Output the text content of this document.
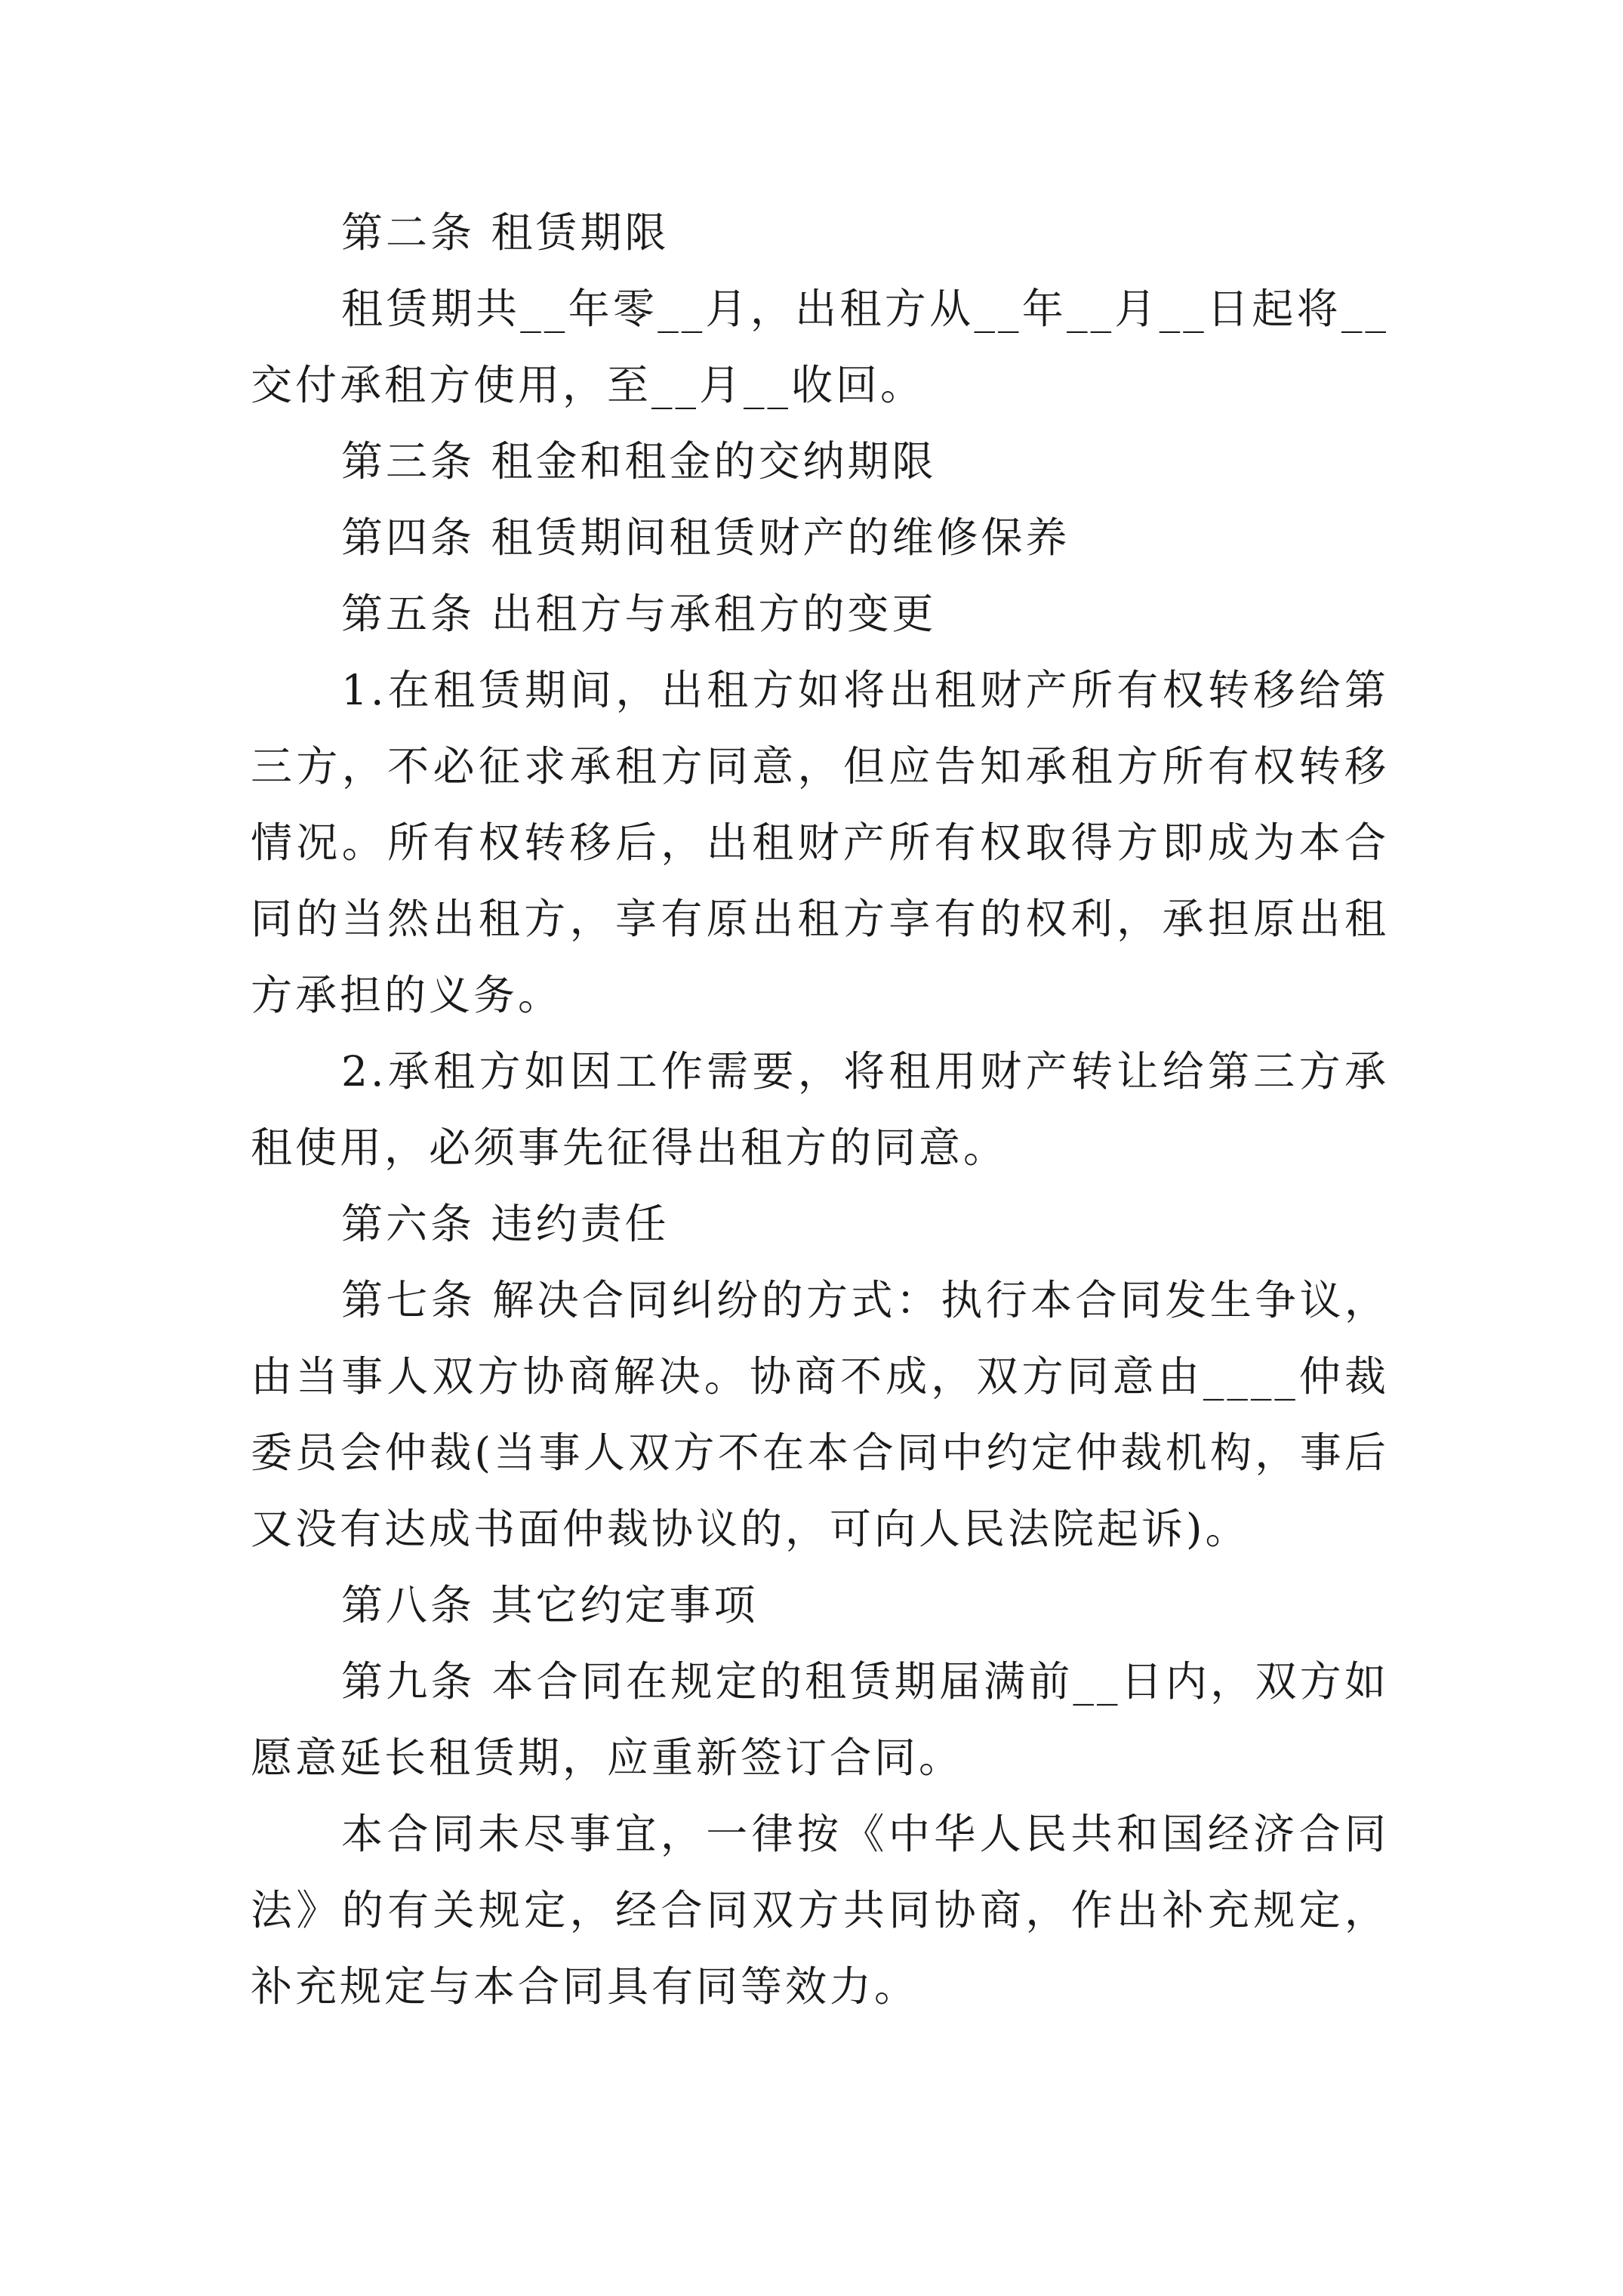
第二条 租赁期限

租赁期共__年零__月，出租方从__年__月__日起将__交付承租方使用，至__月__收回。

第三条 租金和租金的交纳期限

第四条 租赁期间租赁财产的维修保养

第五条 出租方与承租方的变更

1.在租赁期间，出租方如将出租财产所有权转移给第三方，不必征求承租方同意，但应告知承租方所有权转移情况。所有权转移后，出租财产所有权取得方即成为本合同的当然出租方，享有原出租方享有的权利，承担原出租方承担的义务。

2.承租方如因工作需要，将租用财产转让给第三方承租使用，必须事先征得出租方的同意。

第六条 违约责任

第七条 解决合同纠纷的方式：执行本合同发生争议，由当事人双方协商解决。协商不成，双方同意由____仲裁委员会仲裁(当事人双方不在本合同中约定仲裁机构，事后又没有达成书面仲裁协议的，可向人民法院起诉)。

第八条 其它约定事项

第九条 本合同在规定的租赁期届满前__日内，双方如愿意延长租赁期，应重新签订合同。

本合同未尽事宜，一律按《中华人民共和国经济合同法》的有关规定，经合同双方共同协商，作出补充规定，补充规定与本合同具有同等效力。
